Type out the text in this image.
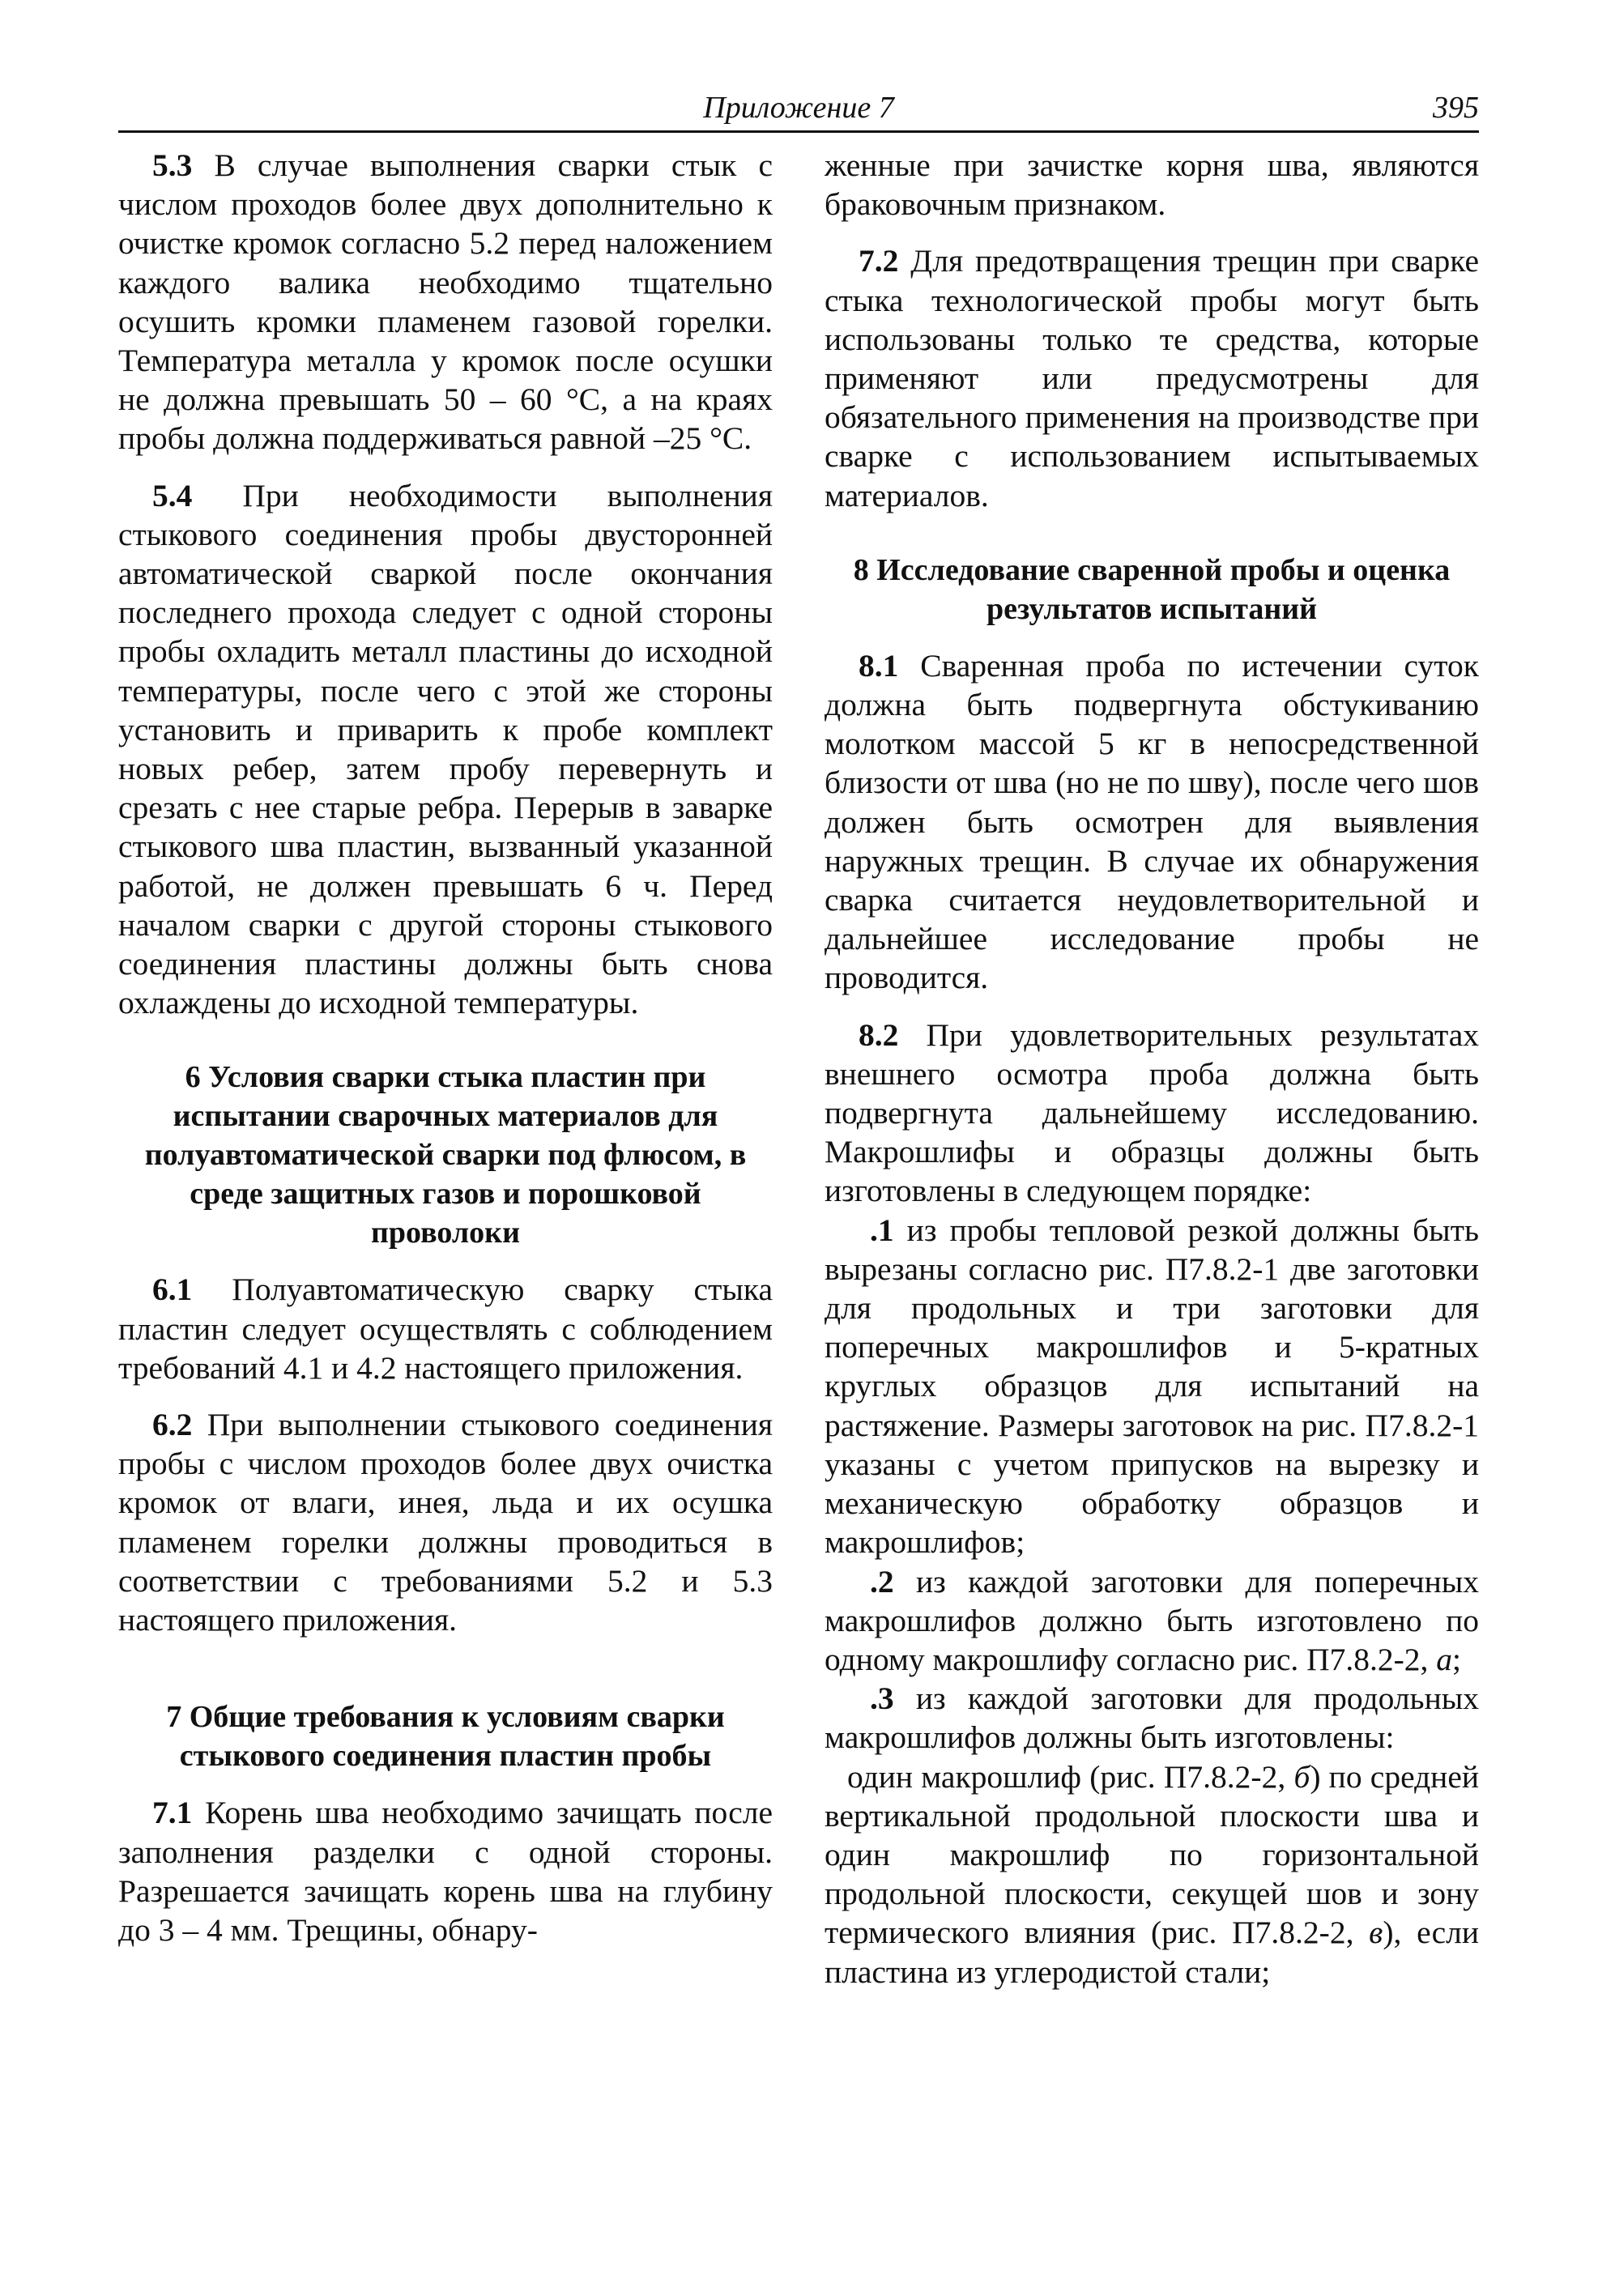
Приложение 7	395

5.3 В случае выполнения сварки стык с числом проходов более двух дополнительно к очистке кромок согласно 5.2 перед наложением каждого валика необходимо тщательно осушить кромки пламенем газовой горелки. Температура металла у кромок после осушки не должна превышать 50 – 60 °С, а на краях пробы должна поддерживаться равной –25 °С.

5.4 При необходимости выполнения стыкового соединения пробы двусторонней автоматической сваркой после окончания последнего прохода следует с одной стороны пробы охладить металл пластины до исходной температуры, после чего с этой же стороны установить и приварить к пробе комплект новых ребер, затем пробу перевернуть и срезать с нее старые ребра. Перерыв в заварке стыкового шва пластин, вызванный указанной работой, не должен превышать 6 ч. Перед началом сварки с другой стороны стыкового соединения пластины должны быть снова охлаждены до исходной температуры.

6 Условия сварки стыка пластин при испытании сварочных материалов для полуавтоматической сварки под флюсом, в среде защитных газов и порошковой проволоки

6.1 Полуавтоматическую сварку стыка пластин следует осуществлять с соблюдением требований 4.1 и 4.2 настоящего приложения.

6.2 При выполнении стыкового соединения пробы с числом проходов более двух очистка кромок от влаги, инея, льда и их осушка пламенем горелки должны проводиться в соответствии с требованиями 5.2 и 5.3 настоящего приложения.

7 Общие требования к условиям сварки стыкового соединения пластин пробы

7.1 Корень шва необходимо зачищать после заполнения разделки с одной стороны. Разрешается зачищать корень шва на глубину до 3 – 4 мм. Трещины, обнару-

женные при зачистке корня шва, являются браковочным признаком.

7.2 Для предотвращения трещин при сварке стыка технологической пробы могут быть использованы только те средства, которые применяют или предусмотрены для обязательного применения на производстве при сварке с использованием испытываемых материалов.

8 Исследование сваренной пробы и оценка результатов испытаний

8.1 Сваренная проба по истечении суток должна быть подвергнута обстукиванию молотком массой 5 кг в непосредственной близости от шва (но не по шву), после чего шов должен быть осмотрен для выявления наружных трещин. В случае их обнаружения сварка считается неудовлетворительной и дальнейшее исследование пробы не проводится.

8.2 При удовлетворительных результатах внешнего осмотра проба должна быть подвергнута дальнейшему исследованию. Макрошлифы и образцы должны быть изготовлены в следующем порядке:

.1 из пробы тепловой резкой должны быть вырезаны согласно рис. П7.8.2-1 две заготовки для продольных и три заготовки для поперечных макрошлифов и 5-кратных круглых образцов для испытаний на растяжение. Размеры заготовок на рис. П7.8.2-1 указаны с учетом припусков на вырезку и механическую обработку образцов и макрошлифов;

.2 из каждой заготовки для поперечных макрошлифов должно быть изготовлено по одному макрошлифу согласно рис. П7.8.2-2, а;

.3 из каждой заготовки для продольных макрошлифов должны быть изготовлены:

один макрошлиф (рис. П7.8.2-2, б) по средней вертикальной продольной плоскости шва и один макрошлиф по горизонтальной продольной плоскости, секущей шов и зону термического влияния (рис. П7.8.2-2, в), если пластина из углеродистой стали;
